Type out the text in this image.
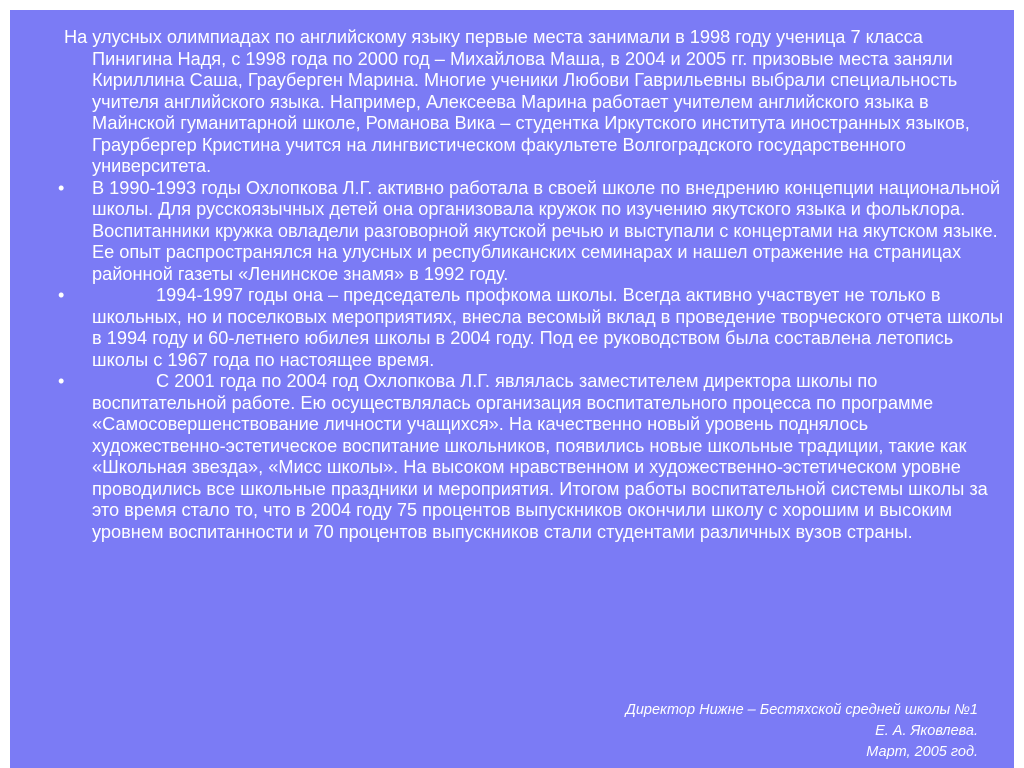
На улусных олимпиадах по английскому языку первые места занимали в 1998 году ученица 7 класса Пинигина Надя, с 1998 года по 2000 год – Михайлова Маша, в 2004 и 2005 гг. призовые места заняли Кириллина Саша, Грауберген Марина. Многие ученики Любови Гаврильевны выбрали специальность учителя английского языка. Например, Алексеева Марина работает учителем английского языка в Майнской гуманитарной школе, Романова Вика – студентка Иркутского института иностранных языков, Граурбергер Кристина учится на лингвистическом факультете Волгоградского государственного университета.

•	В 1990-1993 годы Охлопкова Л.Г. активно работала в своей школе по внедрению концепции национальной школы. Для русскоязычных детей она организовала кружок по изучению якутского языка и фольклора. Воспитанники кружка овладели разговорной якутской речью и выступали с концертами на якутском языке. Ее опыт распространялся на улусных и республиканских семинарах и нашел отражение на страницах районной газеты «Ленинское знамя» в 1992 году.

•	1994-1997 годы она – председатель профкома школы. Всегда активно участвует не только в школьных, но и поселковых мероприятиях, внесла весомый вклад в проведение творческого отчета школы в 1994 году и 60-летнего юбилея школы в 2004 году. Под ее руководством была составлена летопись школы с 1967 года по настоящее время.

•	С 2001 года по 2004 год Охлопкова Л.Г. являлась заместителем директора школы по воспитательной работе. Ею осуществлялась организация воспитательного процесса по программе «Самосовершенствование личности учащихся». На качественно новый уровень поднялось художественно-эстетическое воспитание школьников, появились новые школьные традиции, такие как «Школьная звезда», «Мисс школы». На высоком нравственном и художественно-эстетическом уровне проводились все школьные праздники и мероприятия. Итогом работы воспитательной системы школы за это время стало то, что в 2004 году 75 процентов выпускников окончили школу с хорошим и высоким уровнем воспитанности и 70 процентов выпускников стали студентами различных вузов страны.

Директор Нижне – Бестяхской средней школы №1
Е. А. Яковлева.
Март, 2005 год.
